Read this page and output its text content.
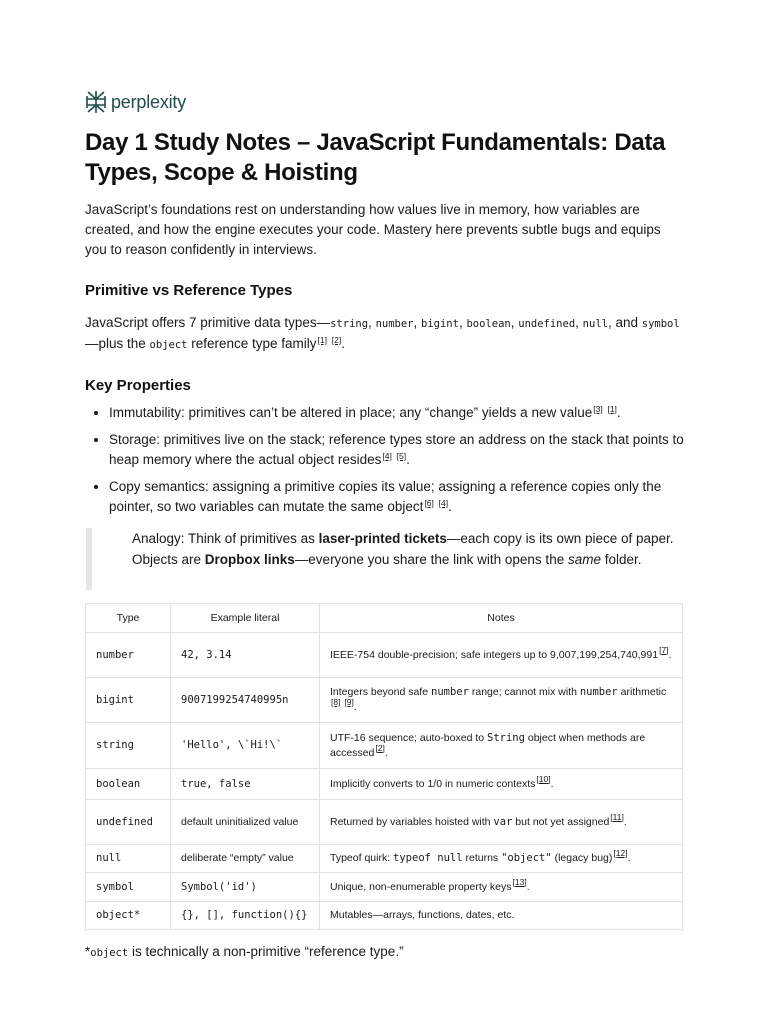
perplexity
Day 1 Study Notes – JavaScript Fundamentals: Data Types, Scope & Hoisting

JavaScript’s foundations rest on understanding how values live in memory, how variables are created, and how the engine executes your code. Mastery here prevents subtle bugs and equips you to reason confidently in interviews.

Primitive vs Reference Types

JavaScript offers 7 primitive data types—string, number, bigint, boolean, undefined, null, and symbol—plus the object reference type family[1] [2].

Key Properties
• Immutability: primitives can’t be altered in place; any “change” yields a new value[3] [1].
• Storage: primitives live on the stack; reference types store an address on the stack that points to heap memory where the actual object resides[4] [5].
• Copy semantics: assigning a primitive copies its value; assigning a reference copies only the pointer, so two variables can mutate the same object[6] [4].
Analogy: Think of primitives as laser-printed tickets—each copy is its own piece of paper. Objects are Dropbox links—everyone you share the link with opens the same folder.
Type	Example literal	Notes
number	42, 3.14	IEEE-754 double-precision; safe integers up to 9,007,199,254,740,991[7].
bigint	9007199254740995n	Integers beyond safe number range; cannot mix with number arithmetic [8] [9].
string	'Hello', \`Hi!\`	UTF-16 sequence; auto-boxed to String object when methods are accessed[2].
boolean	true, false	Implicitly converts to 1/0 in numeric contexts[10].
undefined	default uninitialized value	Returned by variables hoisted with var but not yet assigned[11].
null	deliberate “empty” value	Typeof quirk: typeof null returns "object" (legacy bug)[12].
symbol	Symbol('id')	Unique, non-enumerable property keys[13].
object*	{}, [], function(){}	Mutables—arrays, functions, dates, etc.

*object is technically a non-primitive “reference type.”
